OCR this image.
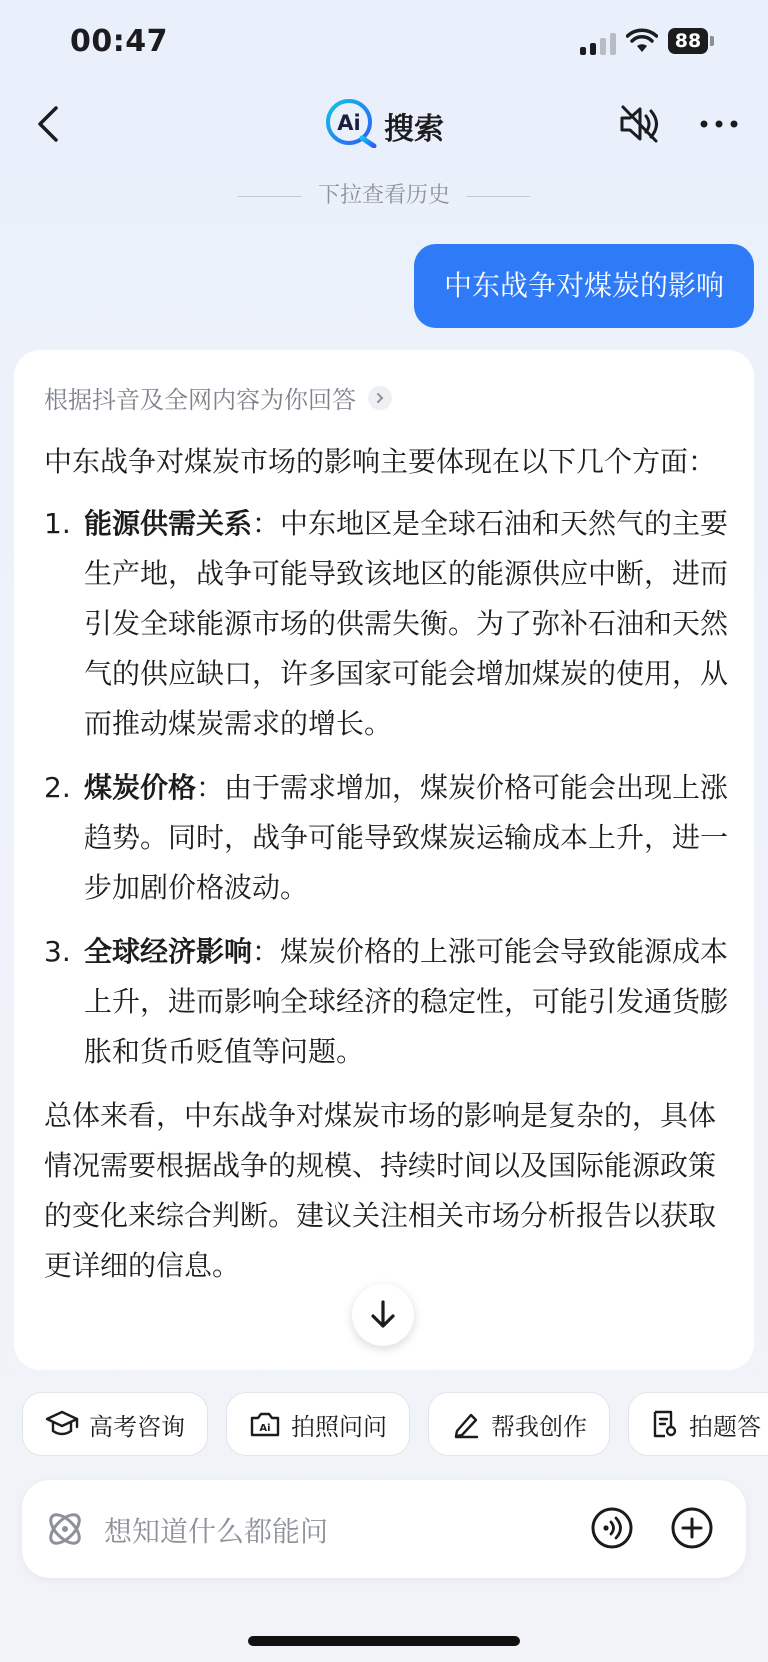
00:47	88
Ai 搜索
下拉查看历史
中东战争对煤炭的影响
根据抖音及全网内容为你回答
中东战争对煤炭市场的影响主要体现在以下几个方面：
1. 能源供需关系：中东地区是全球石油和天然气的主要生产地，战争可能导致该地区的能源供应中断，进而引发全球能源市场的供需失衡。为了弥补石油和天然气的供应缺口，许多国家可能会增加煤炭的使用，从而推动煤炭需求的增长。
2. 煤炭价格：由于需求增加，煤炭价格可能会出现上涨趋势。同时，战争可能导致煤炭运输成本上升，进一步加剧价格波动。
3. 全球经济影响：煤炭价格的上涨可能会导致能源成本上升，进而影响全球经济的稳定性，可能引发通货膨胀和货币贬值等问题。
总体来看，中东战争对煤炭市场的影响是复杂的，具体情况需要根据战争的规模、持续时间以及国际能源政策的变化来综合判断。建议关注相关市场分析报告以获取更详细的信息。
高考咨询	Ai 拍照问问	帮我创作	拍题答
想知道什么都能问
